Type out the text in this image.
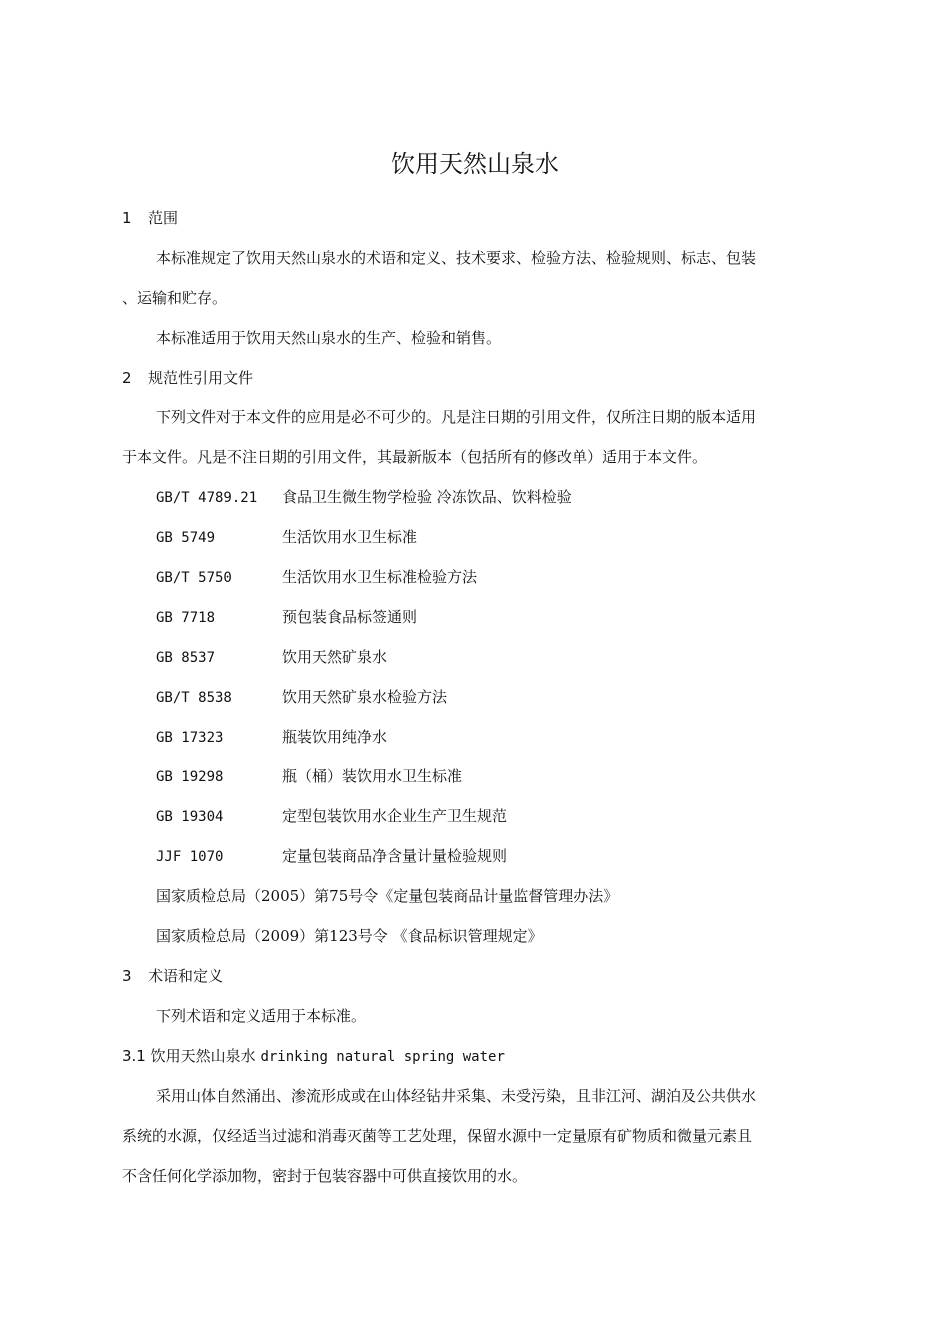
饮用天然山泉水
1 范围
本标准规定了饮用天然山泉水的术语和定义、技术要求、检验方法、检验规则、标志、包装
、运输和贮存。
本标准适用于饮用天然山泉水的生产、检验和销售。
2 规范性引用文件
下列文件对于本文件的应用是必不可少的。凡是注日期的引用文件，仅所注日期的版本适用
于本文件。凡是不注日期的引用文件，其最新版本（包括所有的修改单）适用于本文件。
GB/T 4789.21 食品卫生微生物学检验 冷冻饮品、饮料检验
GB 5749	生活饮用水卫生标准
GB/T 5750	生活饮用水卫生标准检验方法
GB 7718	预包装食品标签通则
GB 8537	饮用天然矿泉水
GB/T 8538	饮用天然矿泉水检验方法
GB 17323	瓶装饮用纯净水
GB 19298	瓶（桶）装饮用水卫生标准
GB 19304	定型包装饮用水企业生产卫生规范
JJF 1070	定量包装商品净含量计量检验规则
国家质检总局（2005）第75号令《定量包装商品计量监督管理办法》
国家质检总局（2009）第123号令 《食品标识管理规定》
3 术语和定义
下列术语和定义适用于本标准。
3.1 饮用天然山泉水 drinking natural spring water
采用山体自然涌出、渗流形成或在山体经钻井采集、未受污染，且非江河、湖泊及公共供水
系统的水源，仅经适当过滤和消毒灭菌等工艺处理，保留水源中一定量原有矿物质和微量元素且
不含任何化学添加物，密封于包装容器中可供直接饮用的水。
